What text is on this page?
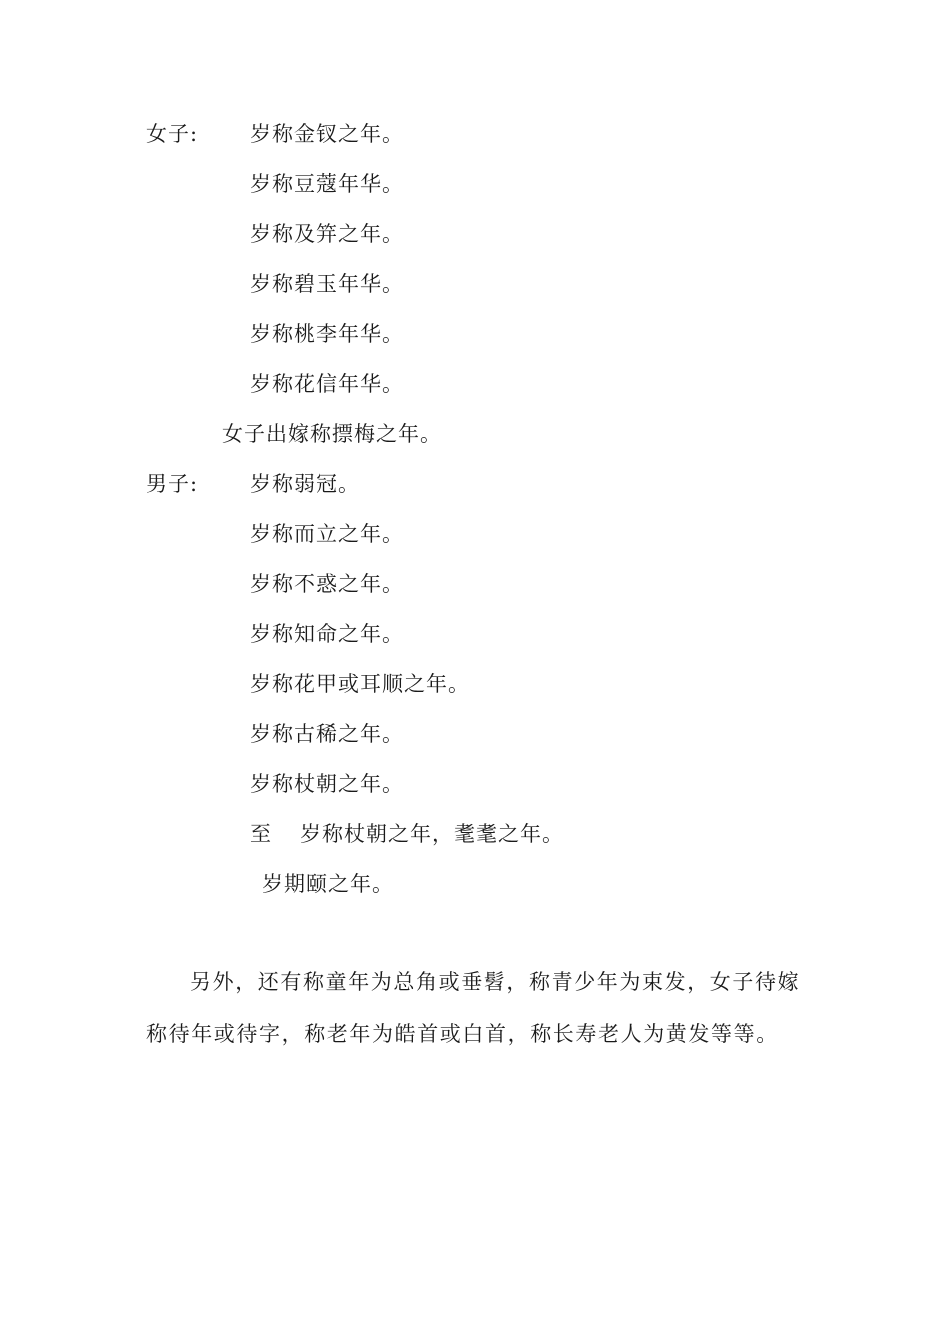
女子: 岁称金钗之年。
岁称豆蔻年华。
岁称及笄之年。
岁称碧玉年华。
岁称桃李年华。
岁称花信年华。
女子出嫁称摽梅之年。
男子: 岁称弱冠。
岁称而立之年。
岁称不惑之年。
岁称知命之年。
岁称花甲或耳顺之年。
岁称古稀之年。
岁称杖朝之年。
至 岁称杖朝之年，耄耄之年。
岁期颐之年。
另外，还有称童年为总角或垂髫，称青少年为束发，女子待嫁称待年或待字，称老年为皓首或白首，称长寿老人为黄发等等。
